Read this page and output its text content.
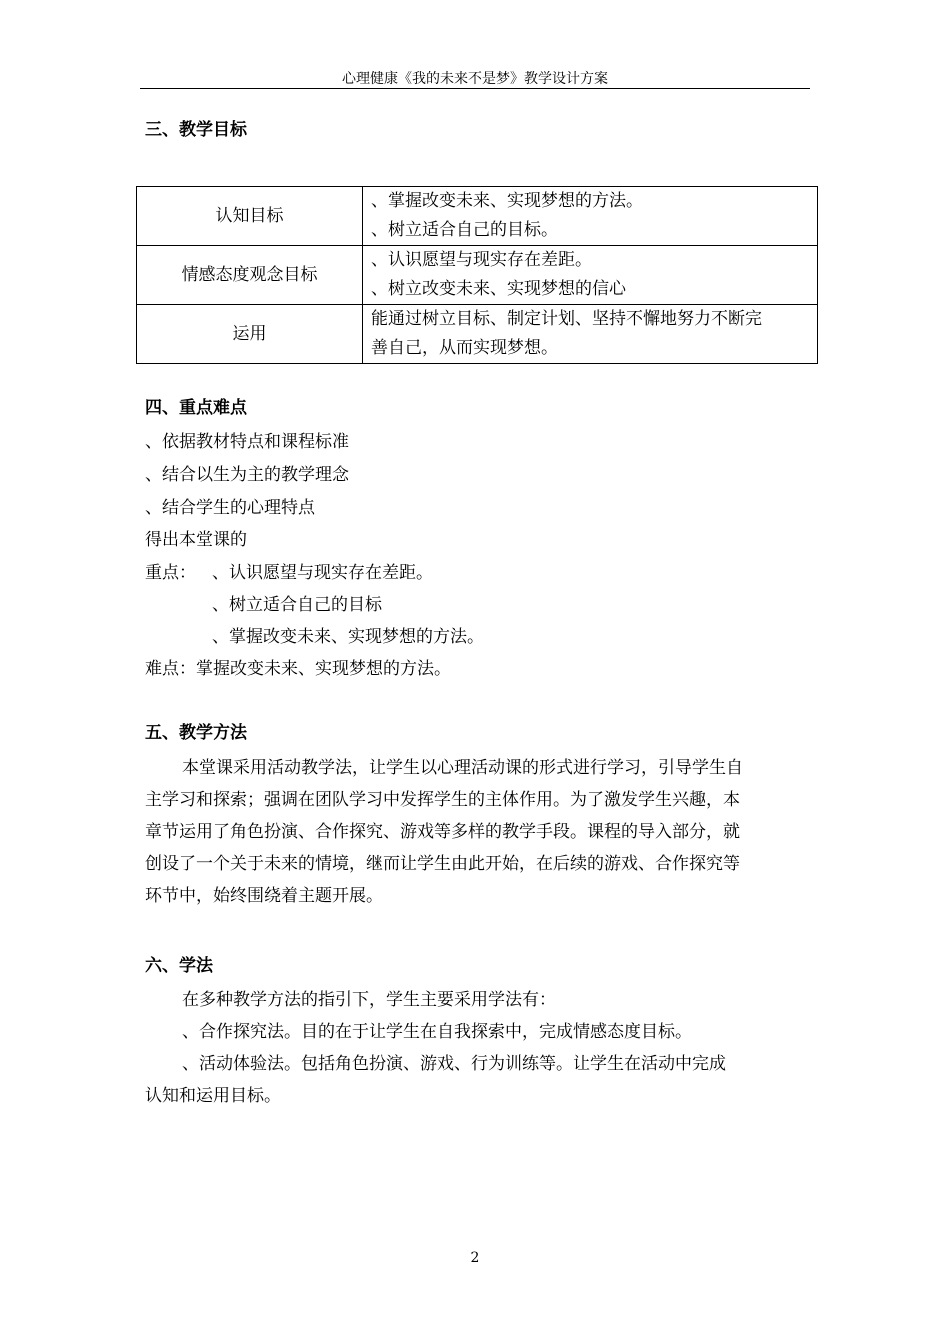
心理健康《我的未来不是梦》教学设计方案
三、教学目标
认知目标	、掌握改变未来、实现梦想的方法。
、树立适合自己的目标。

情感态度观念目标	、认识愿望与现实存在差距。
、树立改变未来、实现梦想的信心

运用	能通过树立目标、制定计划、坚持不懈地努力不断完
善自己，从而实现梦想。
四、重点难点
、依据教材特点和课程标准
、结合以生为主的教学理念
、结合学生的心理特点
得出本堂课的
重点： 、认识愿望与现实存在差距。
、树立适合自己的目标
、掌握改变未来、实现梦想的方法。
难点：掌握改变未来、实现梦想的方法。
五、教学方法
本堂课采用活动教学法，让学生以心理活动课的形式进行学习，引导学生自
主学习和探索；强调在团队学习中发挥学生的主体作用。为了激发学生兴趣，本
章节运用了角色扮演、合作探究、游戏等多样的教学手段。课程的导入部分，就
创设了一个关于未来的情境，继而让学生由此开始，在后续的游戏、合作探究等
环节中，始终围绕着主题开展。
六、学法
在多种教学方法的指引下，学生主要采用学法有：
、合作探究法。目的在于让学生在自我探索中，完成情感态度目标。
、活动体验法。包括角色扮演、游戏、行为训练等。让学生在活动中完成
认知和运用目标。
2
